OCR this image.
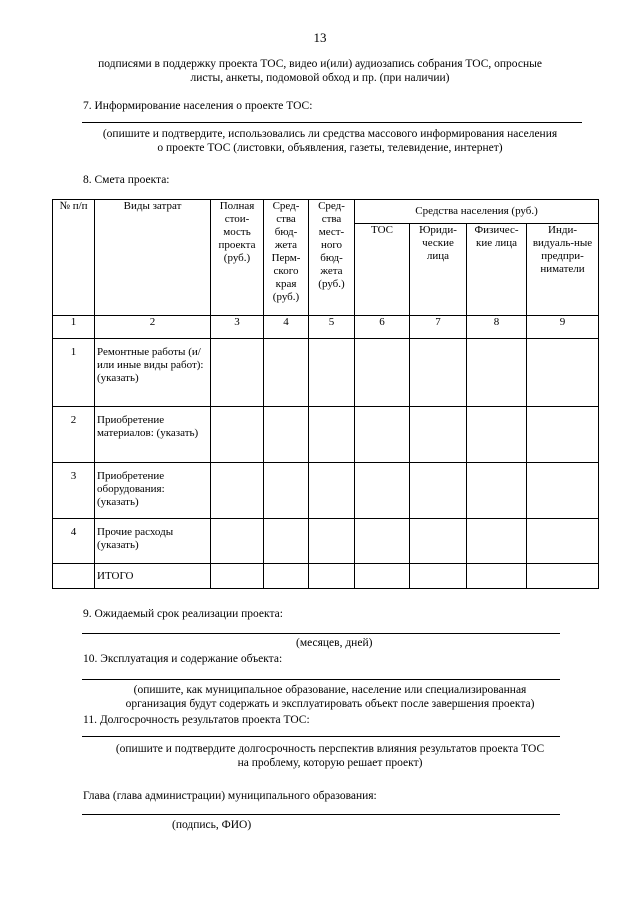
13
подписями в поддержку проекта ТОС, видео и(или) аудиозапись собрания ТОС, опросные
листы, анкеты, подомовой обход и пр. (при наличии)
7. Информирование населения о проекте ТОС:
(опишите и подтвердите, использовались ли средства массового информирования населения
о проекте ТОС (листовки, объявления, газеты, телевидение, интернет)
8. Смета проекта:
№ п/п	Виды затрат	Полная стои-мость проекта (руб.)	Сред-ства бюд-жета Перм-ского края (руб.)	Сред-ства мест-ного бюд-жета (руб.)	Средства населения (руб.)			
					ТОС	Юриди-ческие лица	Физичес-кие лица	Инди-видуаль-ные предпри-ниматели
1	2	3	4	5	6	7	8	9
1	Ремонтные работы (и/или иные виды работ): (указать)							
2	Приобретение материалов: (указать)							
3	Приобретение оборудования: (указать)							
4	Прочие расходы (указать)							
	ИТОГО							
9. Ожидаемый срок реализации проекта:
(месяцев, дней)
10. Эксплуатация и содержание объекта:
(опишите, как муниципальное образование, население или специализированная
организация будут содержать и эксплуатировать объект после завершения проекта)
11. Долгосрочность результатов проекта ТОС:
(опишите и подтвердите долгосрочность перспектив влияния результатов проекта ТОС
на проблему, которую решает проект)
Глава (глава администрации) муниципального образования:
(подпись, ФИО)
